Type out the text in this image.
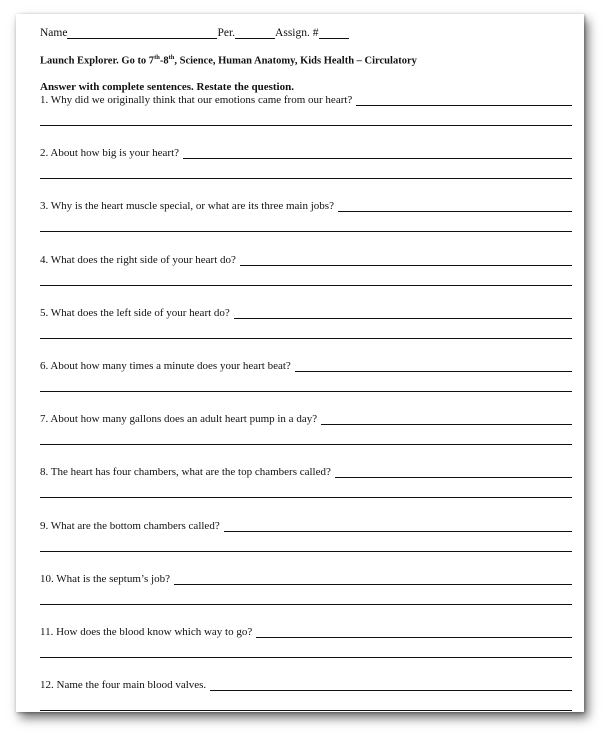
Name	Per.	Assign. #
Launch Explorer. Go to 7th-8th, Science, Human Anatomy, Kids Health – Circulatory
Answer with complete sentences. Restate the question.
1. Why did we originally think that our emotions came from our heart?
2. About how big is your heart?
3. Why is the heart muscle special, or what are its three main jobs?
4. What does the right side of your heart do?
5. What does the left side of your heart do?
6. About how many times a minute does your heart beat?
7. About how many gallons does an adult heart pump in a day?
8. The heart has four chambers, what are the top chambers called?
9. What are the bottom chambers called?
10. What is the septum’s job?
11. How does the blood know which way to go?
12. Name the four main blood valves.
